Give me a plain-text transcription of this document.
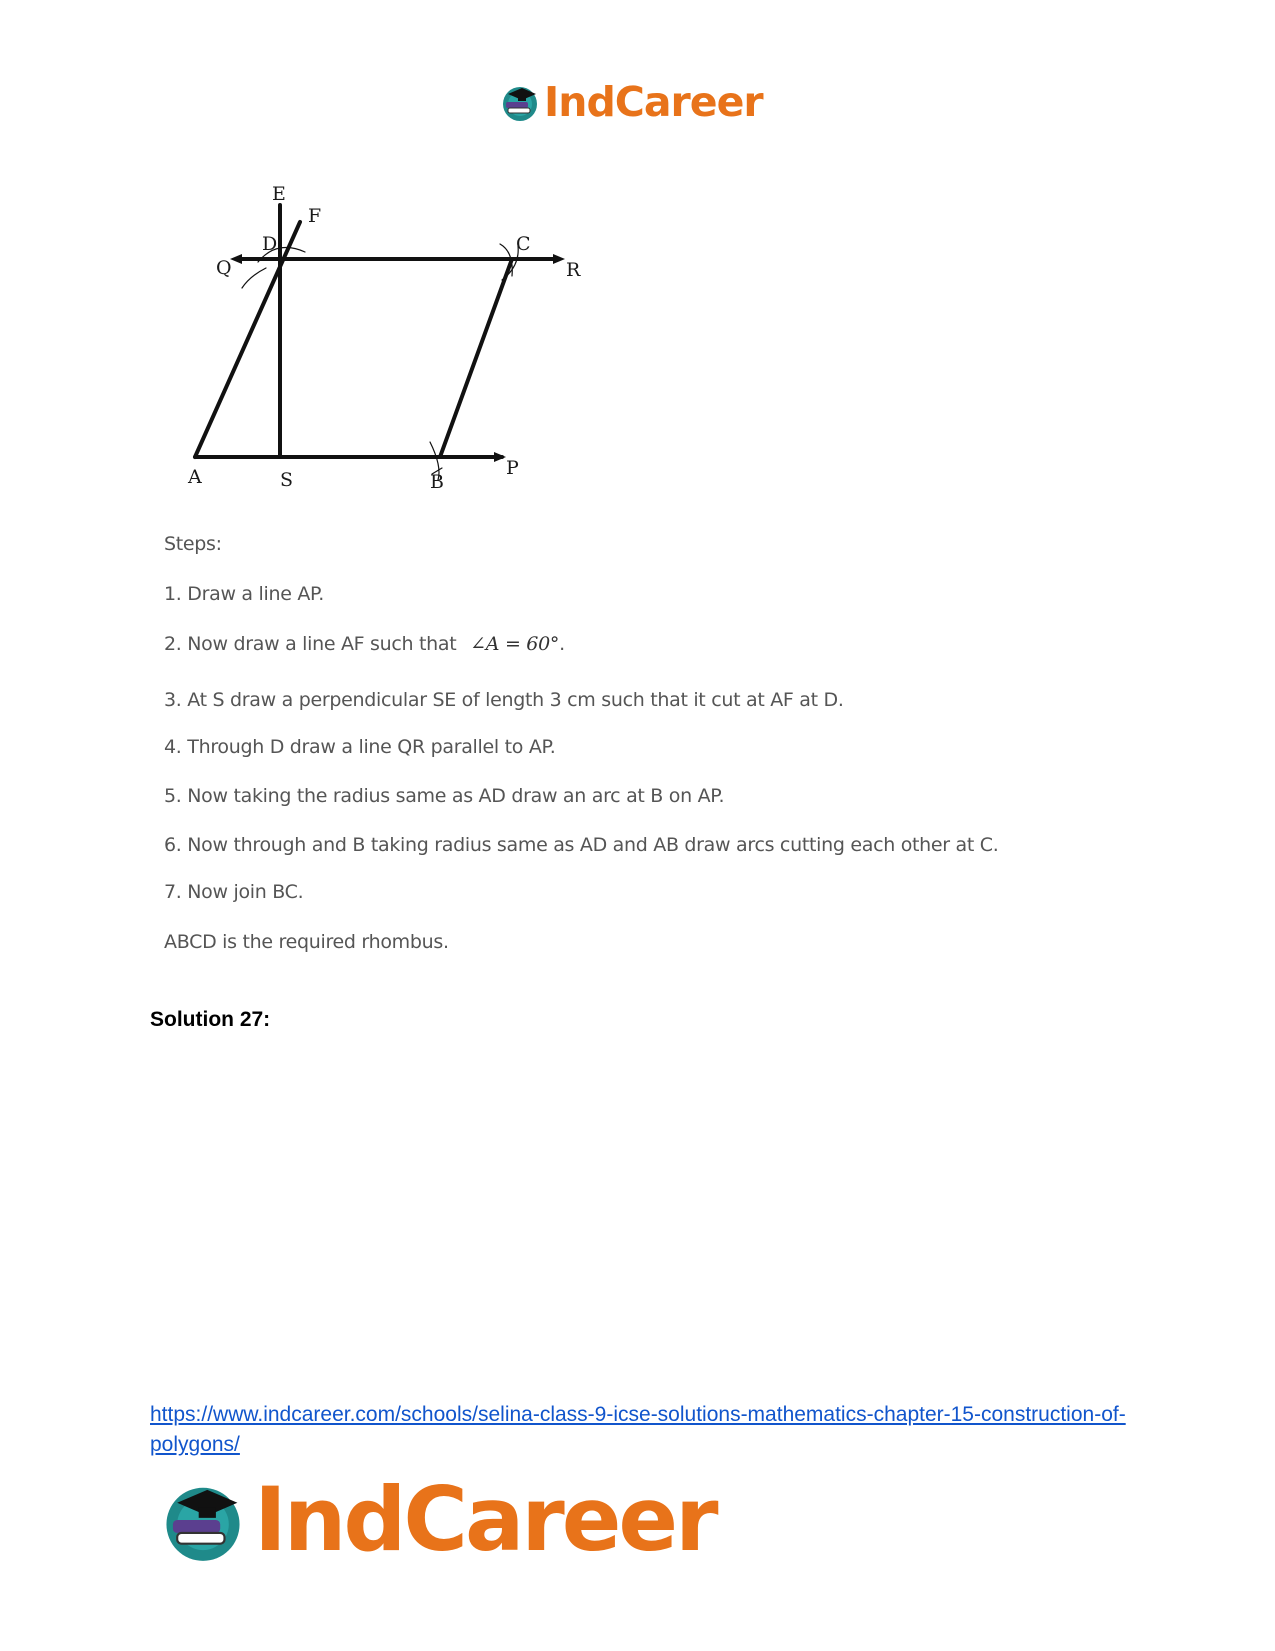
IndCareer
E
F
D	C
Q	R
A	S	B
P

Steps:

1. Draw a line AP.

2. Now draw a line AF such that ∠A = 60°.

3. At S draw a perpendicular SE of length 3 cm such that it cut at AF at D.

4. Through D draw a line QR parallel to AP.

5. Now taking the radius same as AD draw an arc at B on AP.

6. Now through and B taking radius same as AD and AB draw arcs cutting each other at C.

7. Now join BC.

ABCD is the required rhombus.

Solution 27:
https://www.indcareer.com/schools/selina-class-9-icse-solutions-mathematics-chapter-15-construction-of-polygons/
IndCareer
